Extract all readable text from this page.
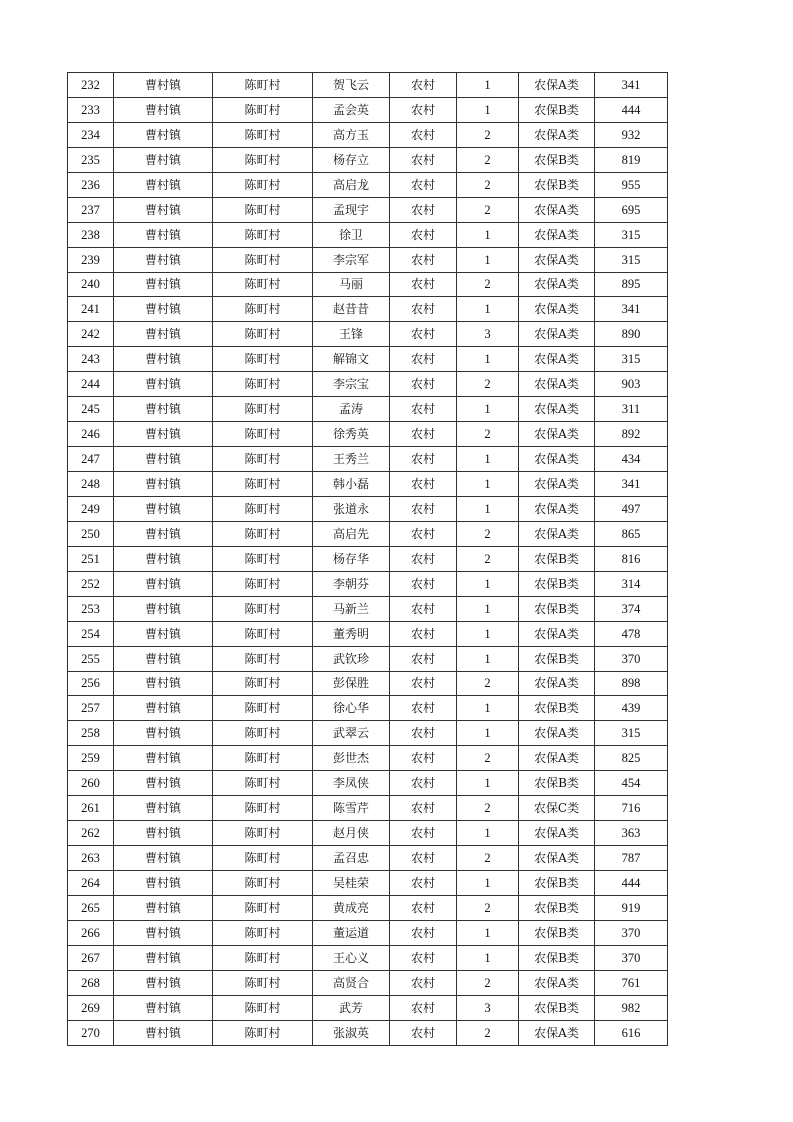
232	曹村镇	陈町村	贺飞云	农村	1	农保A类	341
233	曹村镇	陈町村	孟会英	农村	1	农保B类	444
234	曹村镇	陈町村	高方玉	农村	2	农保A类	932
235	曹村镇	陈町村	杨存立	农村	2	农保B类	819
236	曹村镇	陈町村	高启龙	农村	2	农保B类	955
237	曹村镇	陈町村	孟现宇	农村	2	农保A类	695
238	曹村镇	陈町村	徐卫	农村	1	农保A类	315
239	曹村镇	陈町村	李宗军	农村	1	农保A类	315
240	曹村镇	陈町村	马丽	农村	2	农保A类	895
241	曹村镇	陈町村	赵昔昔	农村	1	农保A类	341
242	曹村镇	陈町村	王锋	农村	3	农保A类	890
243	曹村镇	陈町村	解锦文	农村	1	农保A类	315
244	曹村镇	陈町村	李宗宝	农村	2	农保A类	903
245	曹村镇	陈町村	孟涛	农村	1	农保A类	311
246	曹村镇	陈町村	徐秀英	农村	2	农保A类	892
247	曹村镇	陈町村	王秀兰	农村	1	农保A类	434
248	曹村镇	陈町村	韩小磊	农村	1	农保A类	341
249	曹村镇	陈町村	张道永	农村	1	农保A类	497
250	曹村镇	陈町村	高启先	农村	2	农保A类	865
251	曹村镇	陈町村	杨存华	农村	2	农保B类	816
252	曹村镇	陈町村	李朝芬	农村	1	农保B类	314
253	曹村镇	陈町村	马新兰	农村	1	农保B类	374
254	曹村镇	陈町村	董秀明	农村	1	农保A类	478
255	曹村镇	陈町村	武钦珍	农村	1	农保B类	370
256	曹村镇	陈町村	彭保胜	农村	2	农保A类	898
257	曹村镇	陈町村	徐心华	农村	1	农保B类	439
258	曹村镇	陈町村	武翠云	农村	1	农保A类	315
259	曹村镇	陈町村	彭世杰	农村	2	农保A类	825
260	曹村镇	陈町村	李凤侠	农村	1	农保B类	454
261	曹村镇	陈町村	陈雪芹	农村	2	农保C类	716
262	曹村镇	陈町村	赵月侠	农村	1	农保A类	363
263	曹村镇	陈町村	孟召忠	农村	2	农保A类	787
264	曹村镇	陈町村	吴桂荣	农村	1	农保B类	444
265	曹村镇	陈町村	黄成亮	农村	2	农保B类	919
266	曹村镇	陈町村	董运道	农村	1	农保B类	370
267	曹村镇	陈町村	王心义	农村	1	农保B类	370
268	曹村镇	陈町村	高贤合	农村	2	农保A类	761
269	曹村镇	陈町村	武芳	农村	3	农保B类	982
270	曹村镇	陈町村	张淑英	农村	2	农保A类	616
